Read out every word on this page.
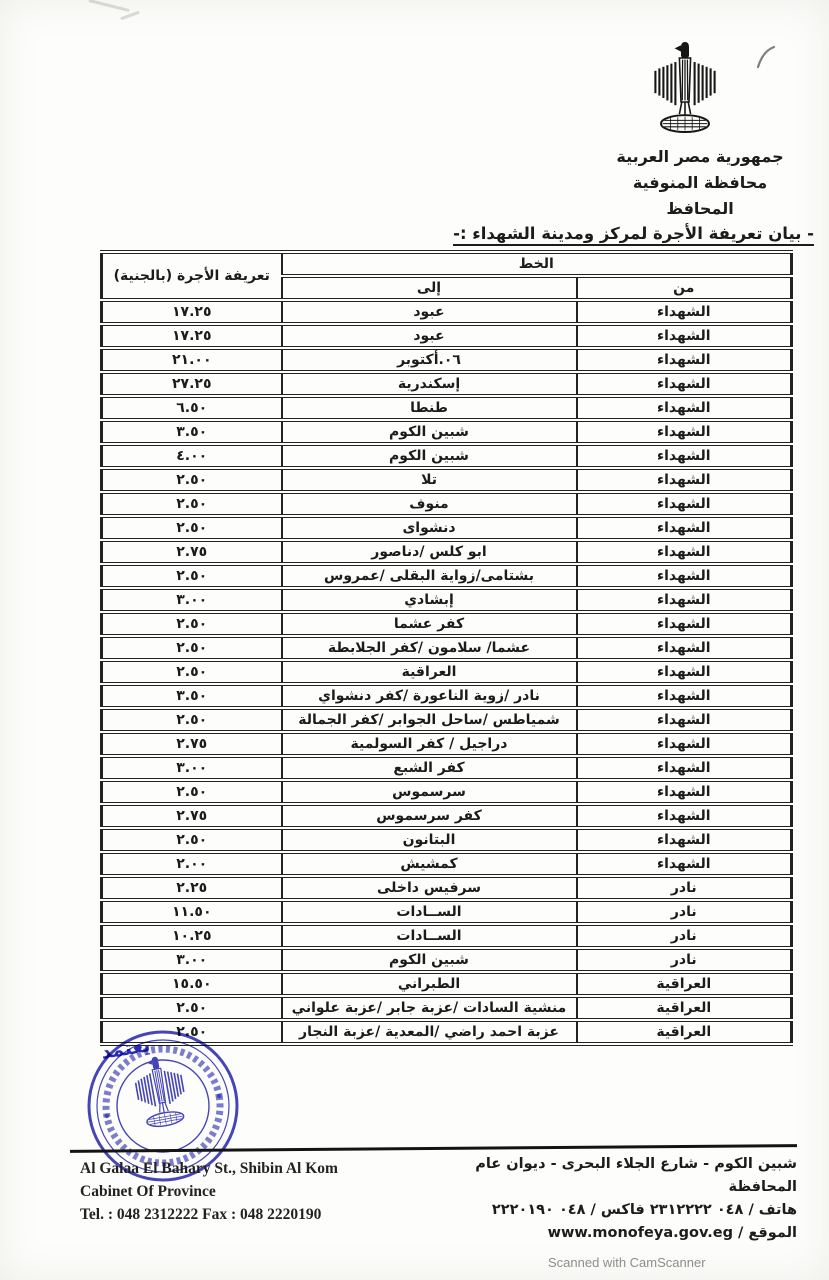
جمهورية مصر العربية
محافظة المنوفية
المحافظ
- بيان تعريفة الأجرة لمركز ومدينة الشهداء :-
الخط		تعريفة الأجرة (بالجنية)
من	إلى	
الشهداء	عبود	١٧.٢٥
الشهداء	عبود	١٧.٢٥
الشهداء	٠٦.أكتوبر	٢١.٠٠
الشهداء	إسكندرية	٢٧.٢٥
الشهداء	طنطا	٦.٥٠
الشهداء	شبين الكوم	٣.٥٠
الشهداء	شبين الكوم	٤.٠٠
الشهداء	تلا	٢.٥٠
الشهداء	منوف	٢.٥٠
الشهداء	دنشواى	٢.٥٠
الشهداء	ابو كلس /دناصور	٢.٧٥
الشهداء	بشتامى/زواية البقلى /عمروس	٢.٥٠
الشهداء	إبشادي	٣.٠٠
الشهداء	كفر عشما	٢.٥٠
الشهداء	عشما/ سلامون /كفر الجلابطة	٢.٥٠
الشهداء	العراقية	٢.٥٠
الشهداء	نادر /زوية الناعورة /كفر دنشواي	٣.٥٠
الشهداء	شمياطس /ساحل الجوابر /كفر الجمالة	٢.٥٠
الشهداء	دراجيل / كفر السولمية	٢.٧٥
الشهداء	كفر الشبع	٣.٠٠
الشهداء	سرسموس	٢.٥٠
الشهداء	كفر سرسموس	٢.٧٥
الشهداء	البتانون	٢.٥٠
الشهداء	كمشيش	٢.٠٠
نادر	سرفيس داخلى	٢.٢٥
نادر	الســادات	١١.٥٠
نادر	الســادات	١٠.٢٥
نادر	شبين الكوم	٣.٠٠
العراقية	الطبراني	١٥.٥٠
العراقية	منشية السادات /عزبة جابر /عزبة علواني	٢.٥٠
العراقية	عزبة احمد راضي /المعدية /عزبة النجار	٢.٥٠
يعتمد
Al Galaa El Bahary St., Shibin Al Kom
Cabinet Of Province
Tel. : 048 2312222 Fax : 048 2220190
شبين الكوم - شارع الجلاء البحرى - ديوان عام المحافظة
هاتف / ٠٤٨ ٢٣١٢٢٢٢ فاكس / ٠٤٨ ٢٢٢٠١٩٠
الموقع / www.monofeya.gov.eg
Scanned with CamScanner
